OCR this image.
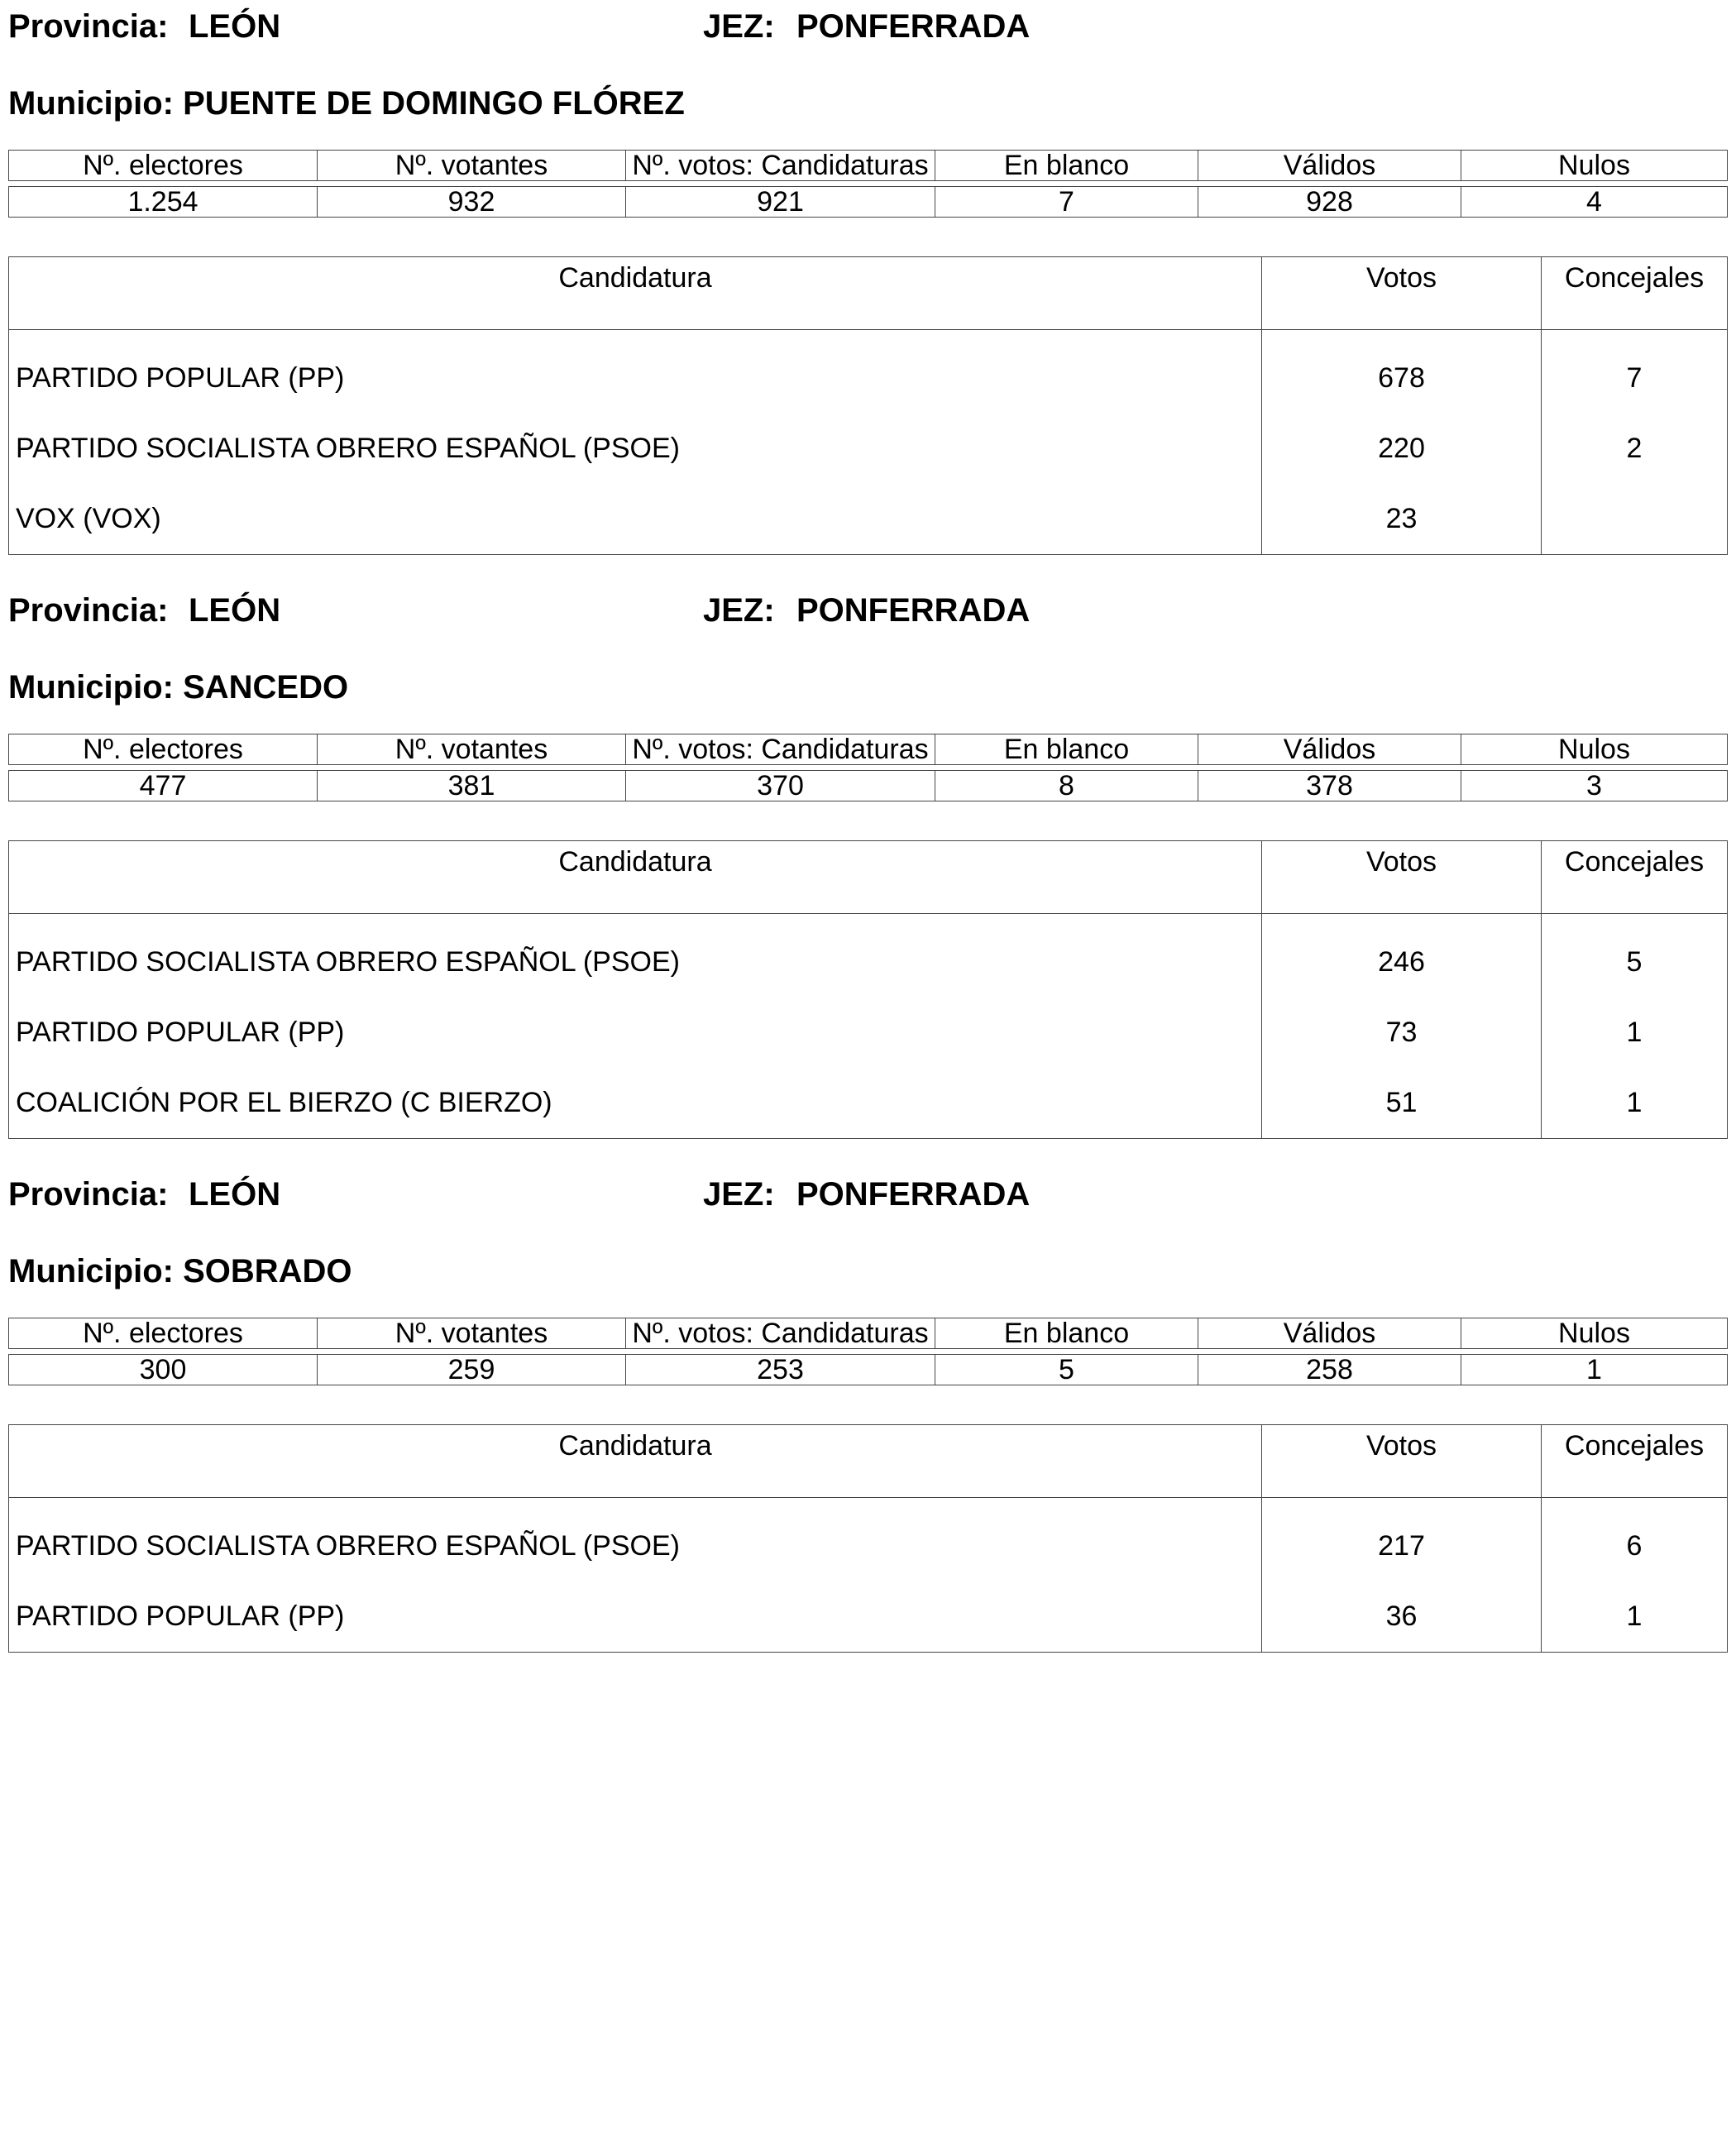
Provincia: LEÓN	JEZ: PONFERRADA
Municipio: PUENTE DE DOMINGO FLÓREZ
Nº. electores	Nº. votantes	Nº. votos: Candidaturas	En blanco	Válidos	Nulos

1.254	932	921	7	928	4
Candidatura	Votos	Concejales
PARTIDO POPULAR (PP)	678	7
PARTIDO SOCIALISTA OBRERO ESPAÑOL (PSOE)	220	2
VOX (VOX)	23	
Provincia: LEÓN	JEZ: PONFERRADA
Municipio: SANCEDO
Nº. electores	Nº. votantes	Nº. votos: Candidaturas	En blanco	Válidos	Nulos

477	381	370	8	378	3
Candidatura	Votos	Concejales
PARTIDO SOCIALISTA OBRERO ESPAÑOL (PSOE)	246	5
PARTIDO POPULAR (PP)	73	1
COALICIÓN POR EL BIERZO (C BIERZO)	51	1
Provincia: LEÓN	JEZ: PONFERRADA
Municipio: SOBRADO
Nº. electores	Nº. votantes	Nº. votos: Candidaturas	En blanco	Válidos	Nulos

300	259	253	5	258	1
Candidatura	Votos	Concejales
PARTIDO SOCIALISTA OBRERO ESPAÑOL (PSOE)	217	6
PARTIDO POPULAR (PP)	36	1
